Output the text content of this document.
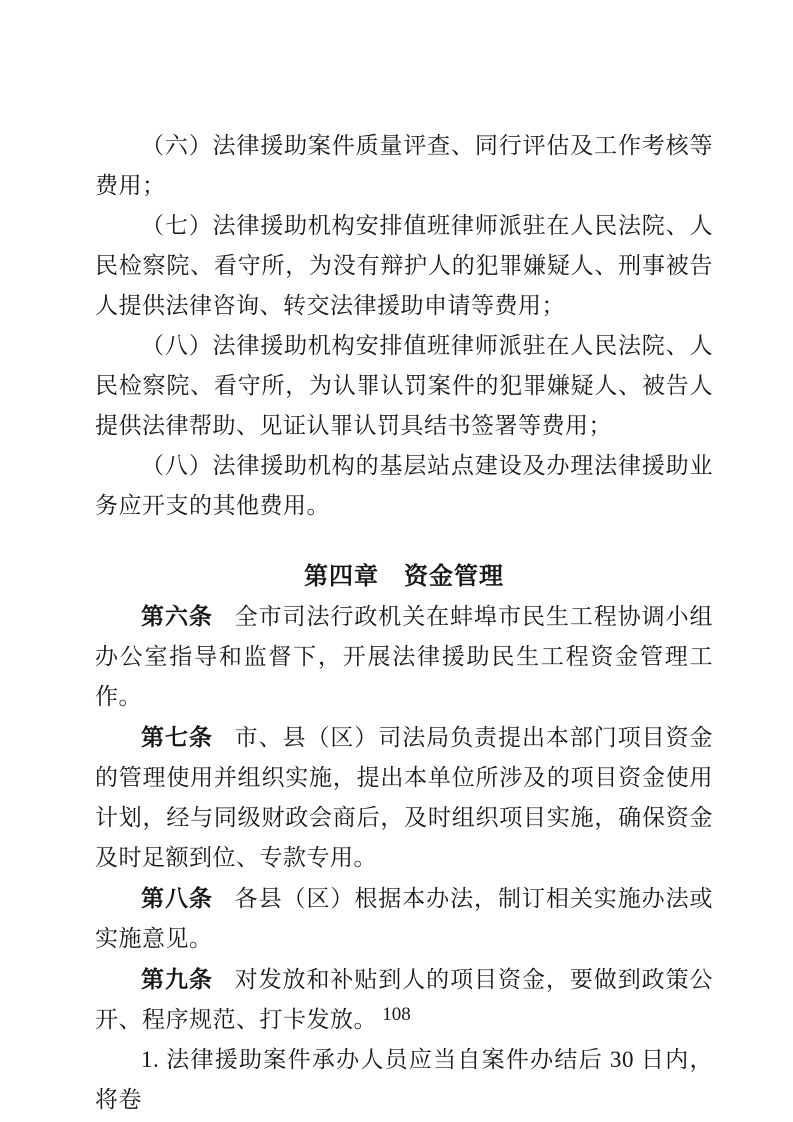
（六）法律援助案件质量评查、同行评估及工作考核等费用；

（七）法律援助机构安排值班律师派驻在人民法院、人民检察院、看守所，为没有辩护人的犯罪嫌疑人、刑事被告人提供法律咨询、转交法律援助申请等费用；

（八）法律援助机构安排值班律师派驻在人民法院、人民检察院、看守所，为认罪认罚案件的犯罪嫌疑人、被告人提供法律帮助、见证认罪认罚具结书签署等费用；

（八）法律援助机构的基层站点建设及办理法律援助业务应开支的其他费用。

第四章　资金管理

第六条 全市司法行政机关在蚌埠市民生工程协调小组办公室指导和监督下，开展法律援助民生工程资金管理工作。

第七条 市、县（区）司法局负责提出本部门项目资金的管理使用并组织实施，提出本单位所涉及的项目资金使用计划，经与同级财政会商后，及时组织项目实施，确保资金及时足额到位、专款专用。

第八条 各县（区）根据本办法，制订相关实施办法或实施意见。

第九条 对发放和补贴到人的项目资金，要做到政策公开、程序规范、打卡发放。

1. 法律援助案件承办人员应当自案件办结后 30 日内，将卷

108
